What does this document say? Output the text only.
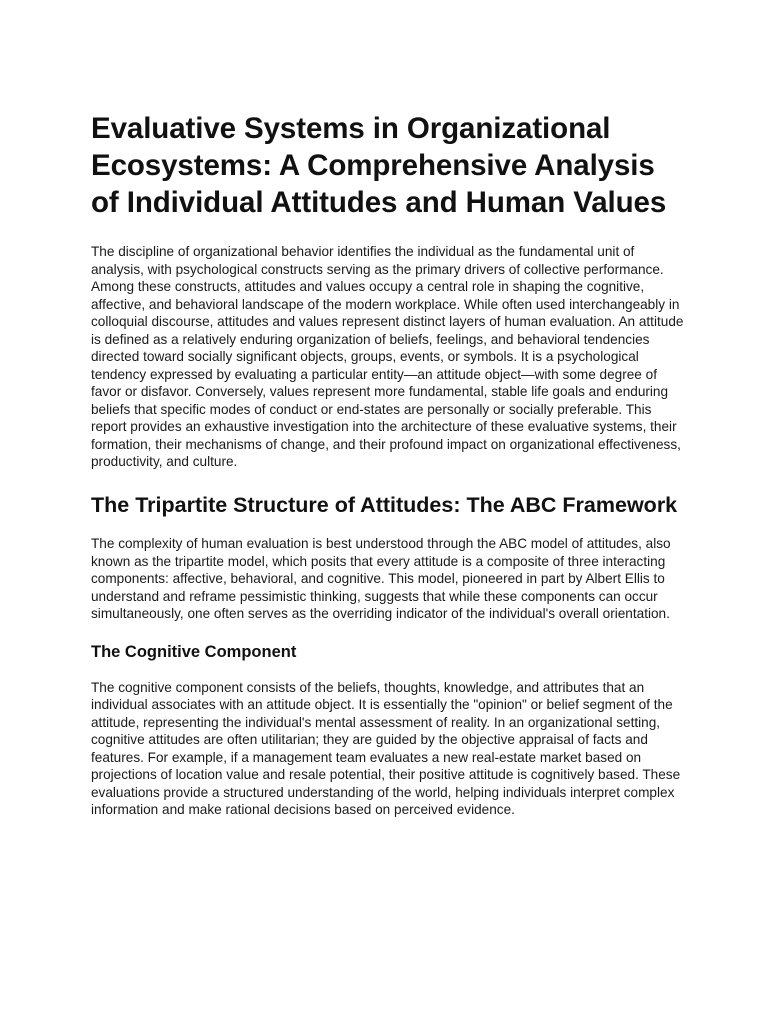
Evaluative Systems in Organizational Ecosystems: A Comprehensive Analysis of Individual Attitudes and Human Values

The discipline of organizational behavior identifies the individual as the fundamental unit of analysis, with psychological constructs serving as the primary drivers of collective performance. Among these constructs, attitudes and values occupy a central role in shaping the cognitive, affective, and behavioral landscape of the modern workplace. While often used interchangeably in colloquial discourse, attitudes and values represent distinct layers of human evaluation. An attitude is defined as a relatively enduring organization of beliefs, feelings, and behavioral tendencies directed toward socially significant objects, groups, events, or symbols. It is a psychological tendency expressed by evaluating a particular entity—an attitude object—with some degree of favor or disfavor. Conversely, values represent more fundamental, stable life goals and enduring beliefs that specific modes of conduct or end-states are personally or socially preferable. This report provides an exhaustive investigation into the architecture of these evaluative systems, their formation, their mechanisms of change, and their profound impact on organizational effectiveness, productivity, and culture.

The Tripartite Structure of Attitudes: The ABC Framework

The complexity of human evaluation is best understood through the ABC model of attitudes, also known as the tripartite model, which posits that every attitude is a composite of three interacting components: affective, behavioral, and cognitive. This model, pioneered in part by Albert Ellis to understand and reframe pessimistic thinking, suggests that while these components can occur simultaneously, one often serves as the overriding indicator of the individual's overall orientation.

The Cognitive Component

The cognitive component consists of the beliefs, thoughts, knowledge, and attributes that an individual associates with an attitude object. It is essentially the "opinion" or belief segment of the attitude, representing the individual's mental assessment of reality. In an organizational setting, cognitive attitudes are often utilitarian; they are guided by the objective appraisal of facts and features. For example, if a management team evaluates a new real-estate market based on projections of location value and resale potential, their positive attitude is cognitively based. These evaluations provide a structured understanding of the world, helping individuals interpret complex information and make rational decisions based on perceived evidence.
